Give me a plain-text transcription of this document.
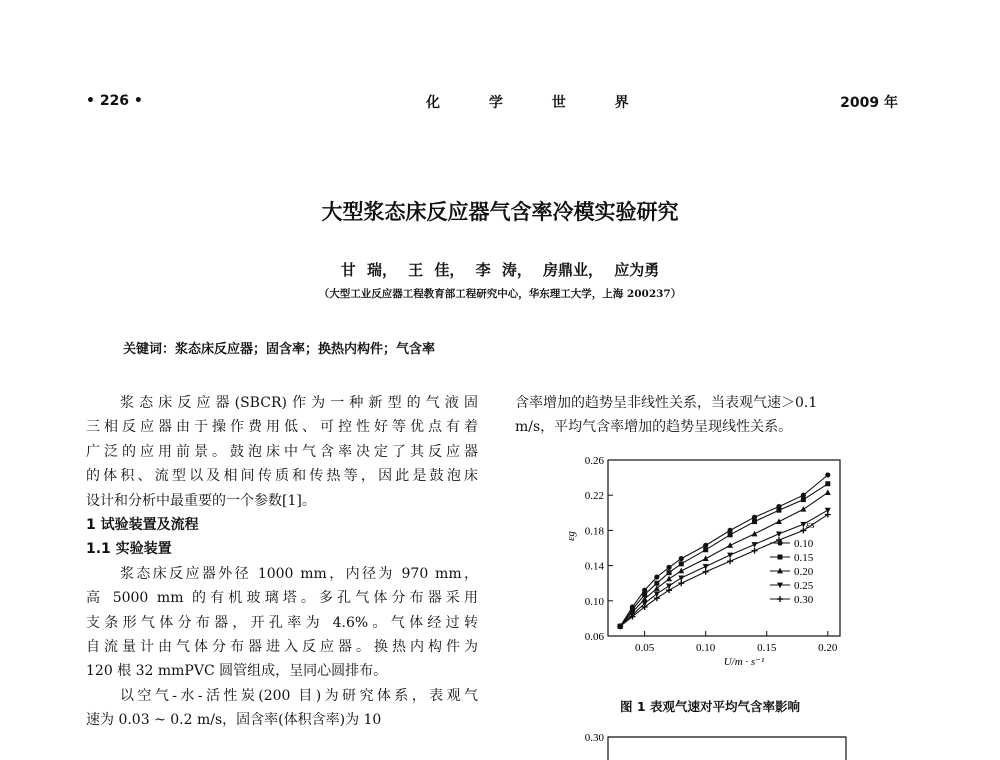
• 226 •	化 学 世 界	2009 年
大型浆态床反应器气含率冷模实验研究
甘 瑞， 王 佳， 李 涛， 房鼎业， 应为勇
（大型工业反应器工程教育部工程研究中心，华东理工大学，上海 200237）
关键词：浆态床反应器；固含率；换热内构件；气含率

浆态床反应器(SBCR)作为一种新型的气液固

三相反应器由于操作费用低、可控性好等优点有着

广泛的应用前景。鼓泡床中气含率决定了其反应器

的体积、流型以及相间传质和传热等，因此是鼓泡床

设计和分析中最重要的一个参数[1]。

1 试验装置及流程
1.1 实验装置

浆态床反应器外径 1000 mm，内径为 970 mm，

高 5000 mm 的有机玻璃塔。多孔气体分布器采用

支条形气体分布器，开孔率为 4.6%。气体经过转

自流量计由气体分布器进入反应器。换热内构件为

120 根 32 mmPVC 圆管组成，呈同心圆排布。

以空气-水-活性炭(200 目)为研究体系，表观气

速为 0.03 ~ 0.2 m/s，固含率(体积含率)为 10

含率增加的趋势呈非线性关系，当表观气速＞0.1

m/s，平均气含率增加的趋势呈现线性关系。

0.06
0.10
0.14
0.18
0.22
0.26
0.05	0.10	0.15	0.20
U/m · s⁻¹
εg
εs
0.10
0.15
0.20
0.25
0.30
图 1 表观气速对平均气含率影响
0.30
